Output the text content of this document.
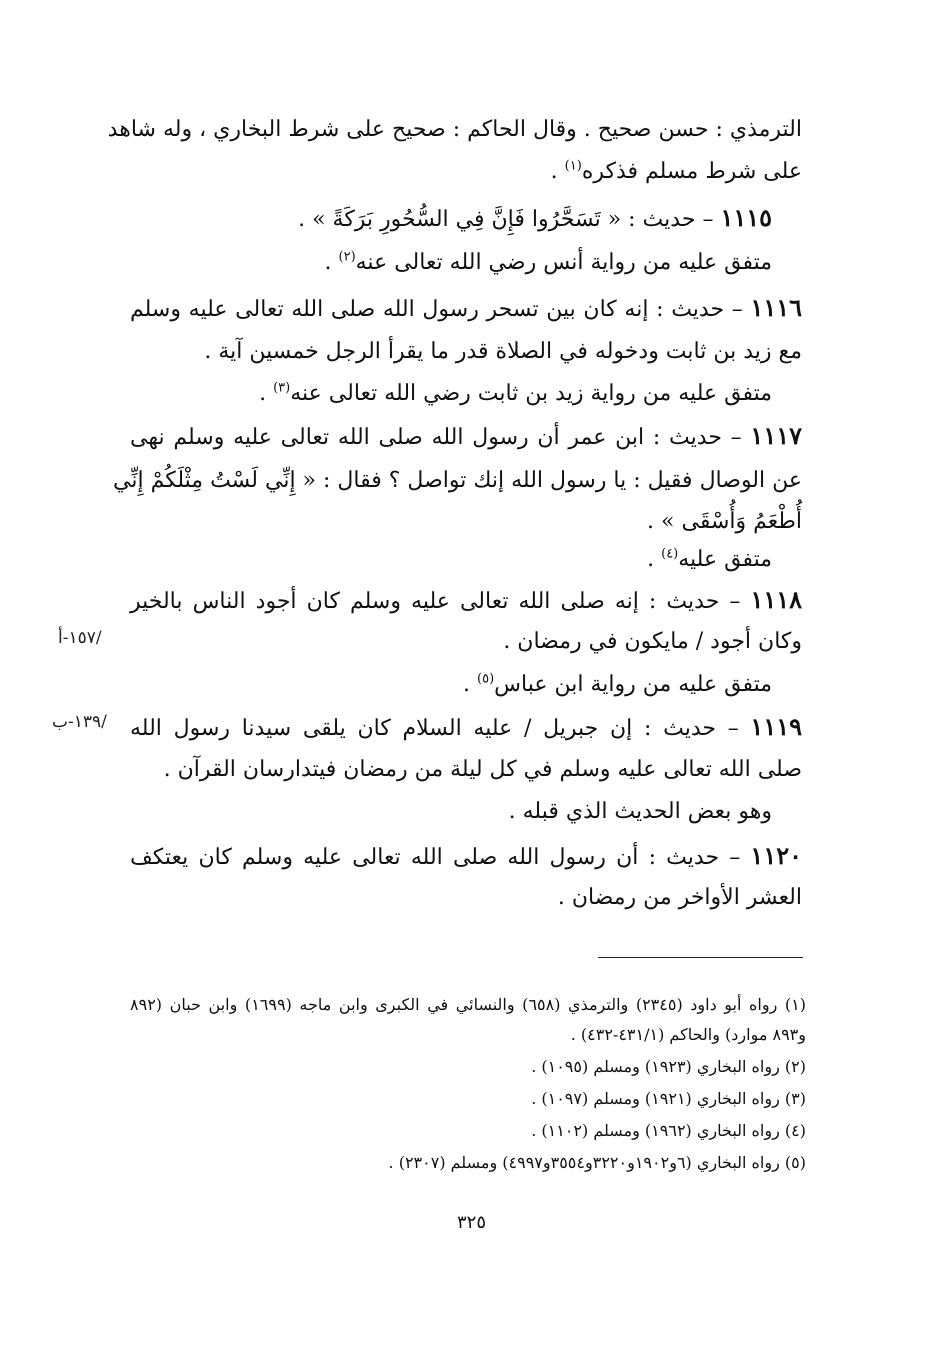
الترمذي : حسن صحيح . وقال الحاكم : صحيح على شرط البخاري ، وله شاهد
على شرط مسلم فذكره$^{(١)}$ .
١١١٥ – حديث : « تَسَحَّرُوا فَإِنَّ فِي السُّحُورِ بَرَكَةً » .
متفق عليه من رواية أنس رضي الله تعالى عنه$^{(٢)}$ .
١١١٦ – حديث : إنه كان بين تسحر رسول الله صلى الله تعالى عليه وسلم
مع زيد بن ثابت ودخوله في الصلاة قدر ما يقرأ الرجل خمسين آية .
متفق عليه من رواية زيد بن ثابت رضي الله تعالى عنه$^{(٣)}$ .
١١١٧ – حديث : ابن عمر أن رسول الله صلى الله تعالى عليه وسلم نهى
عن الوصال فقيل : يا رسول الله إنك تواصل ؟ فقال : « إِنِّي لَسْتُ مِثْلَكُمْ إِنِّي
أُطْعَمُ وَأُسْقَى » .
متفق عليه$^{(٤)}$ .
١١١٨ – حديث : إنه صلى الله تعالى عليه وسلم كان أجود الناس بالخير
وكان أجود / مايكون في رمضان .
متفق عليه من رواية ابن عباس$^{(٥)}$ .
١١١٩ – حديث : إن جبريل / عليه السلام كان يلقى سيدنا رسول الله
صلى الله تعالى عليه وسلم في كل ليلة من رمضان فيتدارسان القرآن .
وهو بعض الحديث الذي قبله .
١١٢٠ – حديث : أن رسول الله صلى الله تعالى عليه وسلم كان يعتكف
العشر الأواخر من رمضان .
/١٥٧-أ
/١٣٩-ب
(١) رواه أبو داود (٢٣٤٥) والترمذي (٦٥٨) والنسائي في الكبرى وابن ماجه (١٦٩٩) وابن حبان (٨٩٢
و٨٩٣ موارد) والحاكم (٤٣١/١-٤٣٢) .
(٢) رواه البخاري (١٩٢٣) ومسلم (١٠٩٥) .
(٣) رواه البخاري (١٩٢١) ومسلم (١٠٩٧) .
(٤) رواه البخاري (١٩٦٢) ومسلم (١١٠٢) .
(٥) رواه البخاري (٦و١٩٠٢و٣٢٢٠و٣٥٥٤و٤٩٩٧) ومسلم (٢٣٠٧) .
٣٢٥
